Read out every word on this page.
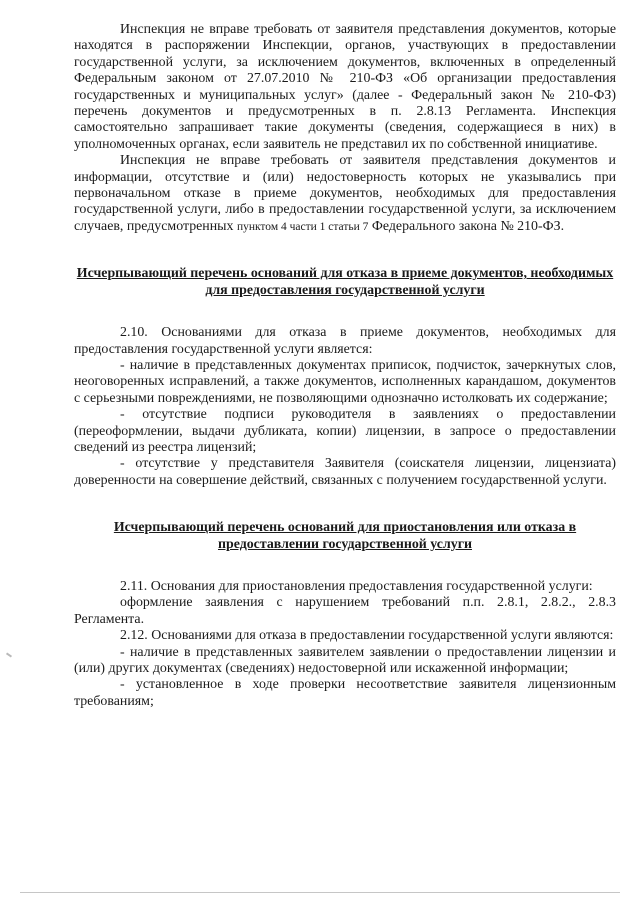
Инспекция не вправе требовать от заявителя представления документов, которые находятся в распоряжении Инспекции, органов, участвующих в предоставлении государственной услуги, за исключением документов, включенных в определенный Федеральным законом от 27.07.2010 № 210-ФЗ «Об организации предоставления государственных и муниципальных услуг» (далее - Федеральный закон № 210-ФЗ) перечень документов и предусмотренных в п. 2.8.13 Регламента. Инспекция самостоятельно запрашивает такие документы (сведения, содержащиеся в них) в уполномоченных органах, если заявитель не представил их по собственной инициативе.

Инспекция не вправе требовать от заявителя представления документов и информации, отсутствие и (или) недостоверность которых не указывались при первоначальном отказе в приеме документов, необходимых для предоставления государственной услуги, либо в предоставлении государственной услуги, за исключением случаев, предусмотренных пунктом 4 части 1 статьи 7 Федерального закона № 210-ФЗ.

Исчерпывающий перечень оснований для отказа в приеме документов, необходимых для предоставления государственной услуги

2.10. Основаниями для отказа в приеме документов, необходимых для предоставления государственной услуги является:

- наличие в представленных документах приписок, подчисток, зачеркнутых слов, неоговоренных исправлений, а также документов, исполненных карандашом, документов с серьезными повреждениями, не позволяющими однозначно истолковать их содержание;

- отсутствие подписи руководителя в заявлениях о предоставлении (переоформлении, выдачи дубликата, копии) лицензии, в запросе о предоставлении сведений из реестра лицензий;

- отсутствие у представителя Заявителя (соискателя лицензии, лицензиата) доверенности на совершение действий, связанных с получением государственной услуги.

Исчерпывающий перечень оснований для приостановления или отказа в предоставлении государственной услуги

2.11. Основания для приостановления предоставления государственной услуги:

оформление заявления с нарушением требований п.п. 2.8.1, 2.8.2., 2.8.3 Регламента.

2.12. Основаниями для отказа в предоставлении государственной услуги являются:

- наличие в представленных заявителем заявлении о предоставлении лицензии и (или) других документах (сведениях) недостоверной или искаженной информации;

- установленное в ходе проверки несоответствие заявителя лицензионным требованиям;
